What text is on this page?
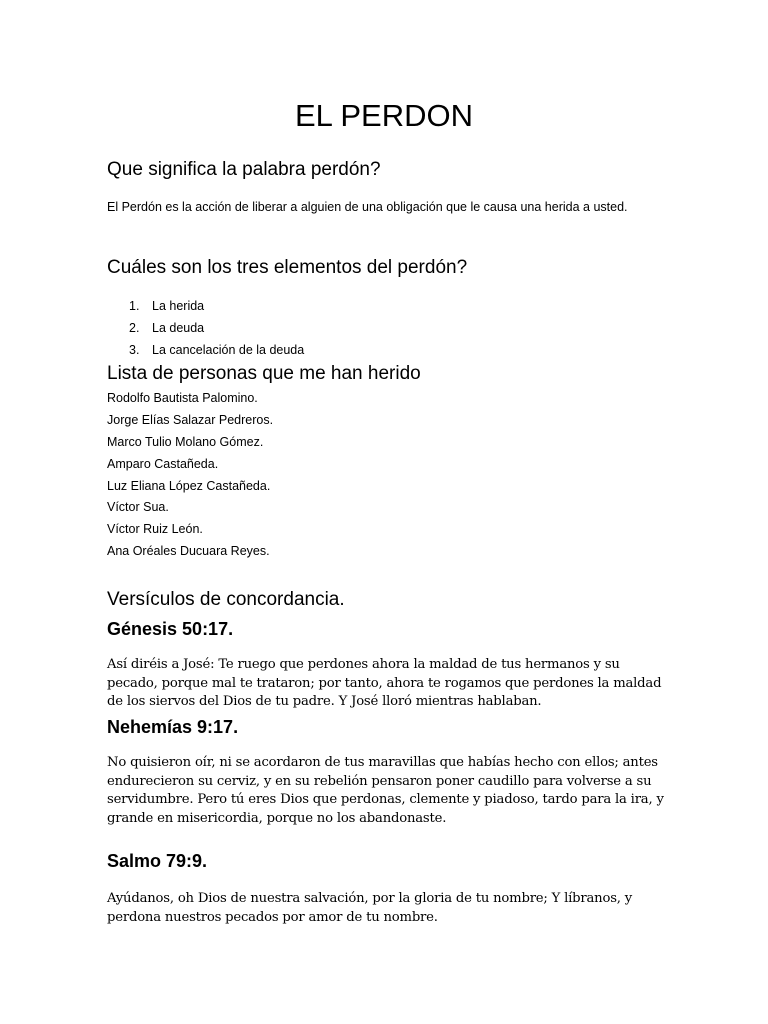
EL PERDON
Que significa la palabra perdón?

El Perdón es la acción de liberar a alguien de una obligación que le causa una herida a usted.

Cuáles son los tres elementos del perdón?
1. La herida
2. La deuda
3. La cancelación de la deuda
Lista de personas que me han herido
Rodolfo Bautista Palomino.
Jorge Elías Salazar Pedreros.
Marco Tulio Molano Gómez.
Amparo Castañeda.
Luz Eliana López Castañeda.
Víctor Sua.
Víctor Ruiz León.
Ana Oréales Ducuara Reyes.
Versículos de concordancia.
Génesis 50:17.

Así diréis a José: Te ruego que perdones ahora la maldad de tus hermanos y su pecado, porque mal te trataron; por tanto, ahora te rogamos que perdones la maldad de los siervos del Dios de tu padre. Y José lloró mientras hablaban.

Nehemías 9:17.

No quisieron oír, ni se acordaron de tus maravillas que habías hecho con ellos; antes endurecieron su cerviz, y en su rebelión pensaron poner caudillo para volverse a su servidumbre. Pero tú eres Dios que perdonas, clemente y piadoso, tardo para la ira, y grande en misericordia, porque no los abandonaste.

Salmo 79:9.

Ayúdanos, oh Dios de nuestra salvación, por la gloria de tu nombre; Y líbranos, y perdona nuestros pecados por amor de tu nombre.
